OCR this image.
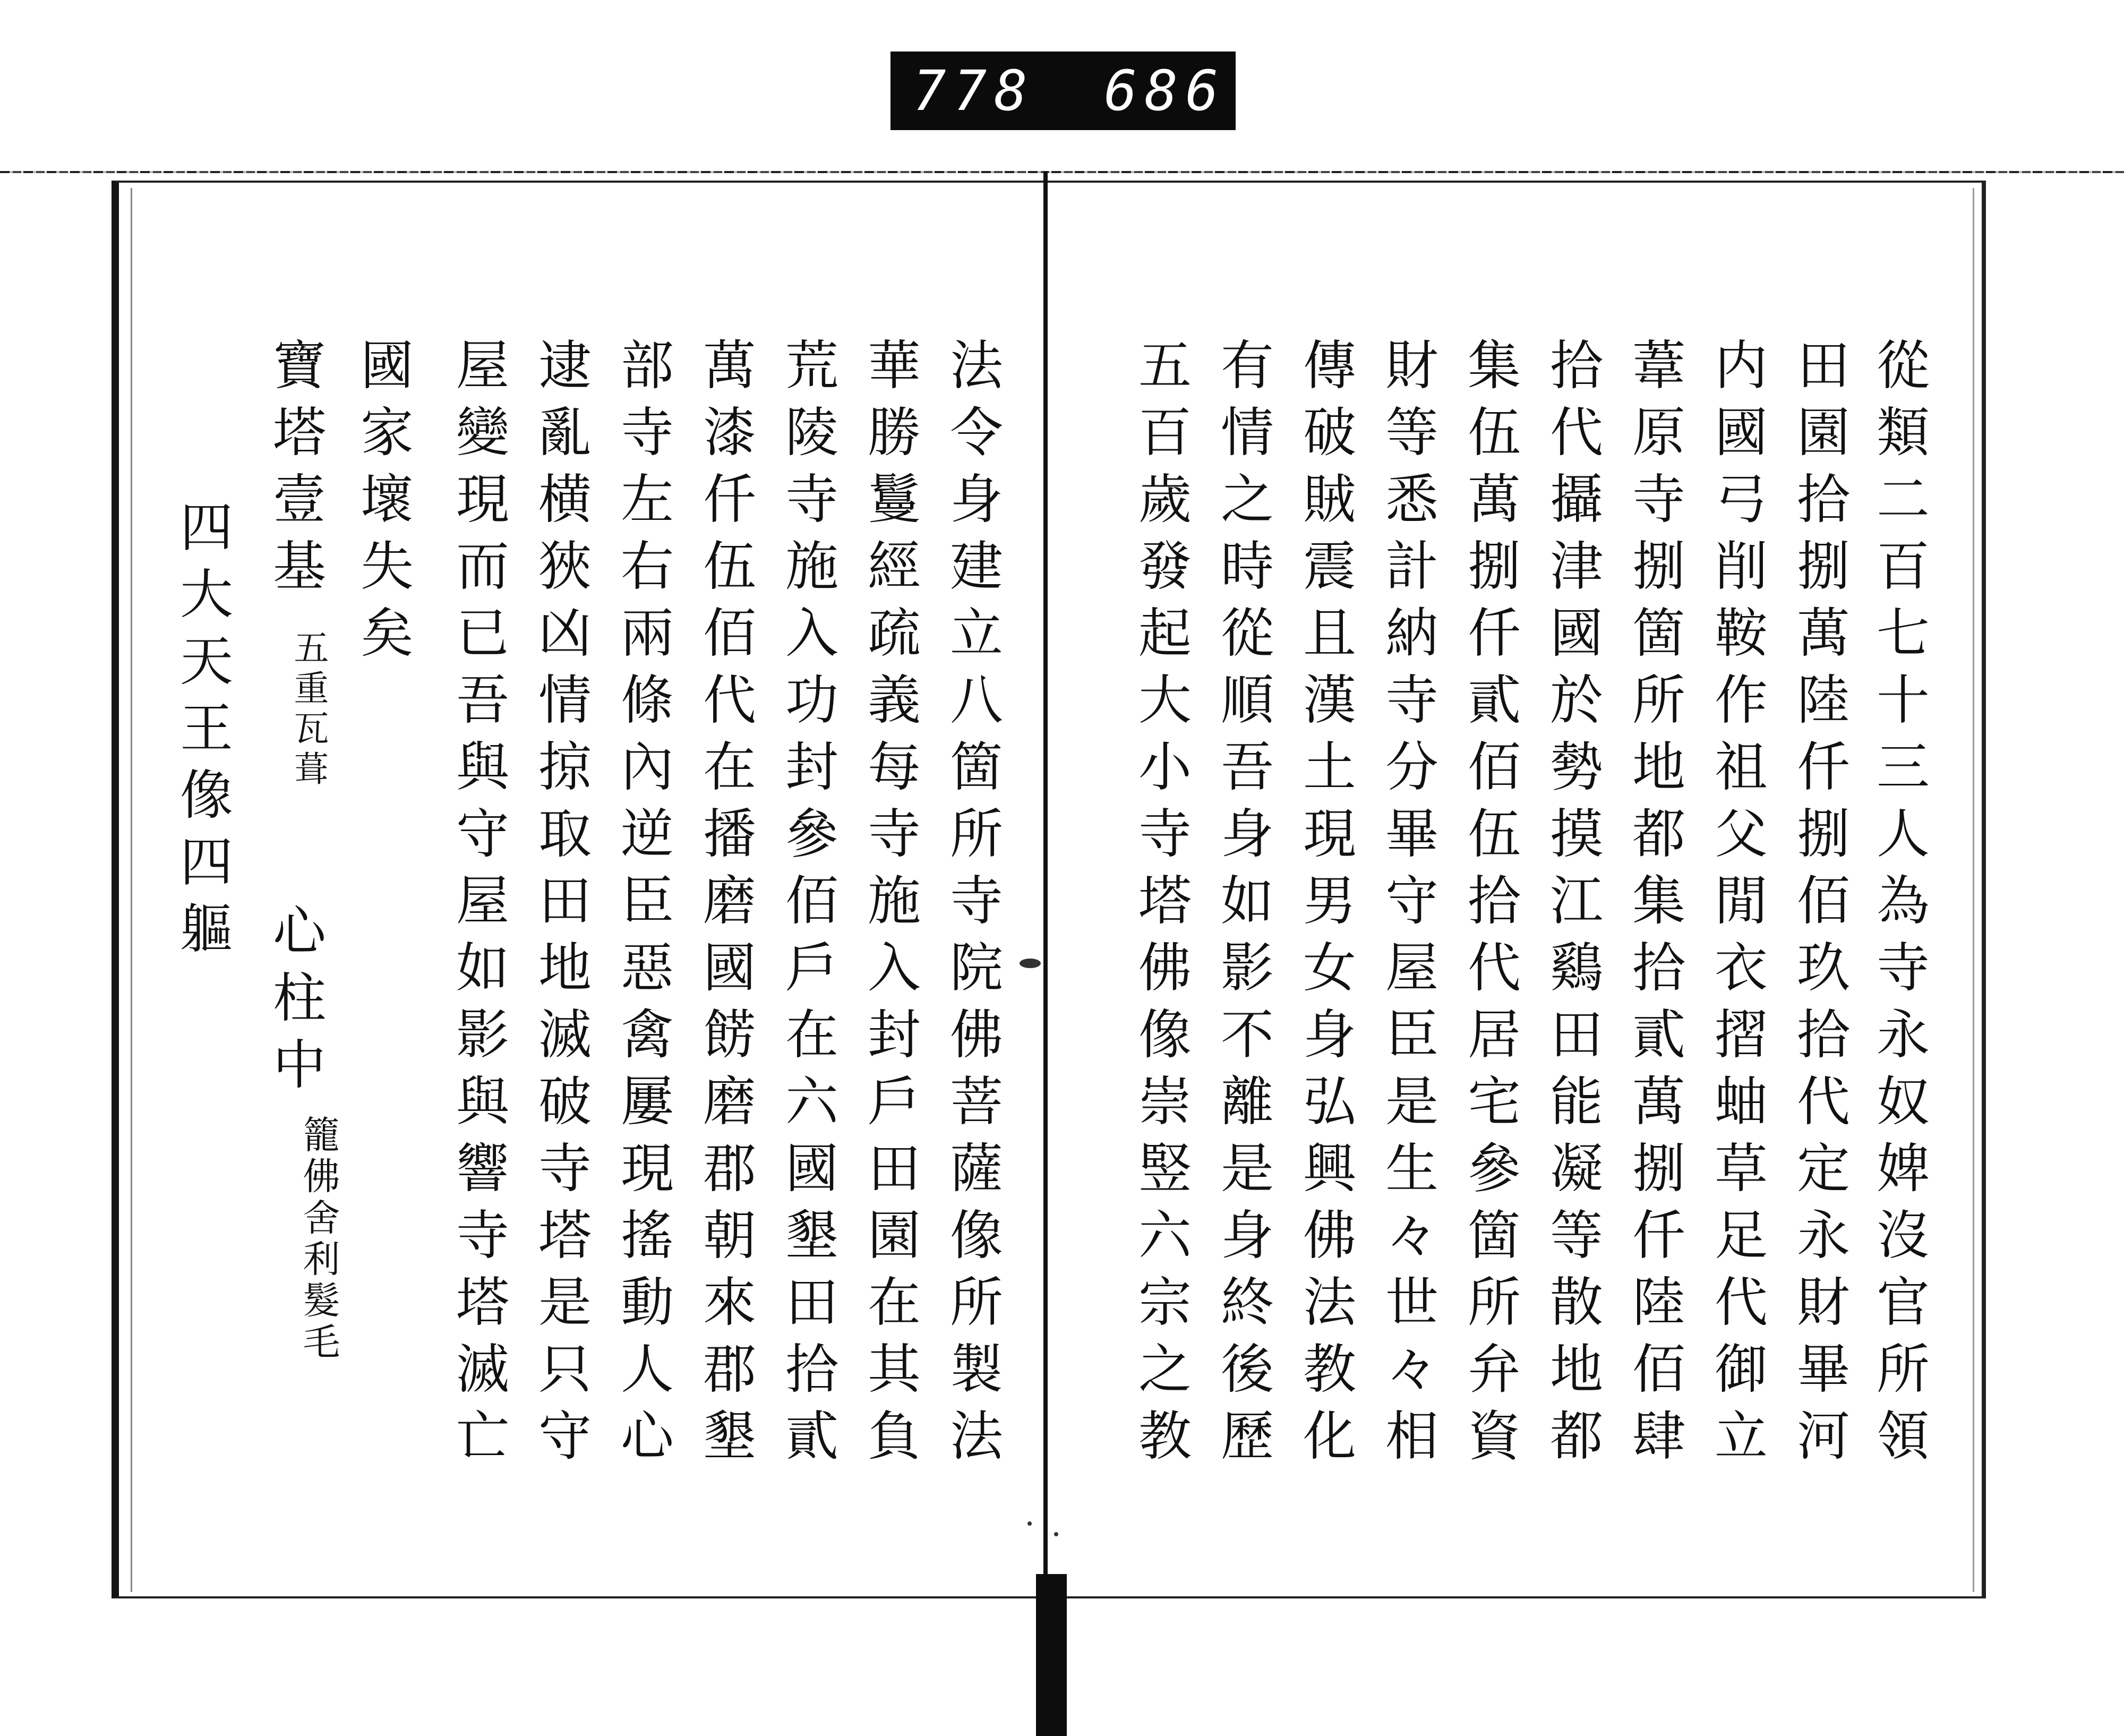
778	686
從類二百七十三人為寺永奴婢沒官所領
田園拾捌萬陸仟捌佰玖拾代定永財畢河
内國弓削鞍作祖父閒衣摺蚰草足代御立
葦原寺捌箇所地都集拾貳萬捌仟陸佰肆
拾代攝津國於勢摸江鷄田能凝等散地都
集伍萬捌仟貳佰伍拾代居宅參箇所弁資
財等悉計納寺分畢守屋臣是生々世々相
傳破賊震且漢土現男女身弘興佛法教化
有情之時從順吾身如影不離是身終後歷
五百歲發起大小寺塔佛像崇竪六宗之教
法令身建立八箇所寺院佛菩薩像所製法
華勝鬘經疏義每寺施入封戶田園在其負
荒陵寺施入功封參佰戶在六國墾田拾貳
萬漆仟伍佰代在播磨國餝磨郡朝來郡墾
部寺左右兩條內逆臣惡禽屢現搖動人心
逮亂横狹凶情掠取田地滅破寺塔是只守
屋變現而已吾與守屋如影與響寺塔滅亡
國家壞失矣
寶塔壹基
五重瓦葺
心柱中
籠佛舍利髮毛
四大天王像四軀
